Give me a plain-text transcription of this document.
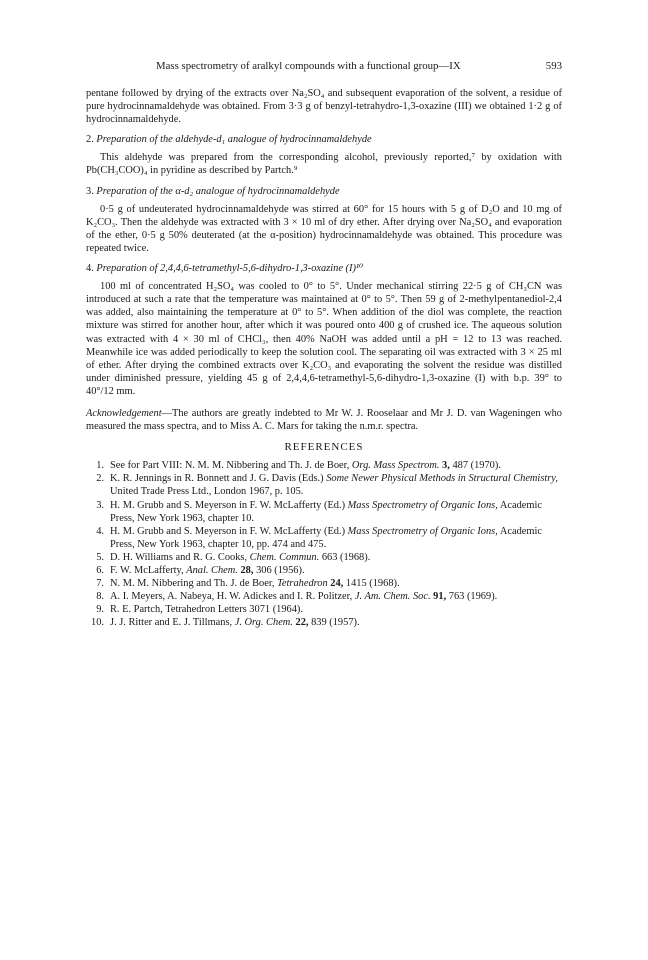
Mass spectrometry of aralkyl compounds with a functional group—IX	593

pentane followed by drying of the extracts over Na₂SO₄ and subsequent evaporation of the solvent, a residue of pure hydrocinnamaldehyde was obtained. From 3·3 g of benzyl-tetrahydro-1,3-oxazine (III) we obtained 1·2 g of hydrocinnamaldehyde.

2. Preparation of the aldehyde-d₁ analogue of hydrocinnamaldehyde

This aldehyde was prepared from the corresponding alcohol, previously reported,⁷ by oxidation with Pb(CH₃COO)₄ in pyridine as described by Partch.⁹

3. Preparation of the α-d₂ analogue of hydrocinnamaldehyde

0·5 g of undeuterated hydrocinnamaldehyde was stirred at 60° for 15 hours with 5 g of D₂O and 10 mg of K₂CO₃. Then the aldehyde was extracted with 3 × 10 ml of dry ether. After drying over Na₂SO₄ and evaporation of the ether, 0·5 g 50% deuterated (at the α-position) hydrocinnamaldehyde was obtained. This procedure was repeated twice.

4. Preparation of 2,4,4,6-tetramethyl-5,6-dihydro-1,3-oxazine (I)¹⁰

100 ml of concentrated H₂SO₄ was cooled to 0° to 5°. Under mechanical stirring 22·5 g of CH₃CN was introduced at such a rate that the temperature was maintained at 0° to 5°. Then 59 g of 2-methylpentanediol-2,4 was added, also maintaining the temperature at 0° to 5°. When addition of the diol was complete, the reaction mixture was stirred for another hour, after which it was poured onto 400 g of crushed ice. The aqueous solution was extracted with 4 × 30 ml of CHCl₃, then 40% NaOH was added until a pH = 12 to 13 was reached. Meanwhile ice was added periodically to keep the solution cool. The separating oil was extracted with 3 × 25 ml of ether. After drying the combined extracts over K₂CO₃ and evaporating the solvent the residue was distilled under diminished pressure, yielding 45 g of 2,4,4,6-tetramethyl-5,6-dihydro-1,3-oxazine (I) with b.p. 39° to 40°/12 mm.

Acknowledgement—The authors are greatly indebted to Mr W. J. Rooselaar and Mr J. D. van Wageningen who measured the mass spectra, and to Miss A. C. Mars for taking the n.m.r. spectra.

REFERENCES
1. See for Part VIII: N. M. M. Nibbering and Th. J. de Boer, Org. Mass Spectrom. 3, 487 (1970).
2. K. R. Jennings in R. Bonnett and J. G. Davis (Eds.) Some Newer Physical Methods in Structural Chemistry, United Trade Press Ltd., London 1967, p. 105.
3. H. M. Grubb and S. Meyerson in F. W. McLafferty (Ed.) Mass Spectrometry of Organic Ions, Academic Press, New York 1963, chapter 10.
4. H. M. Grubb and S. Meyerson in F. W. McLafferty (Ed.) Mass Spectrometry of Organic Ions, Academic Press, New York 1963, chapter 10, pp. 474 and 475.
5. D. H. Williams and R. G. Cooks, Chem. Commun. 663 (1968).
6. F. W. McLafferty, Anal. Chem. 28, 306 (1956).
7. N. M. M. Nibbering and Th. J. de Boer, Tetrahedron 24, 1415 (1968).
8. A. I. Meyers, A. Nabeya, H. W. Adickes and I. R. Politzer, J. Am. Chem. Soc. 91, 763 (1969).
9. R. E. Partch, Tetrahedron Letters 3071 (1964).
10. J. J. Ritter and E. J. Tillmans, J. Org. Chem. 22, 839 (1957).
